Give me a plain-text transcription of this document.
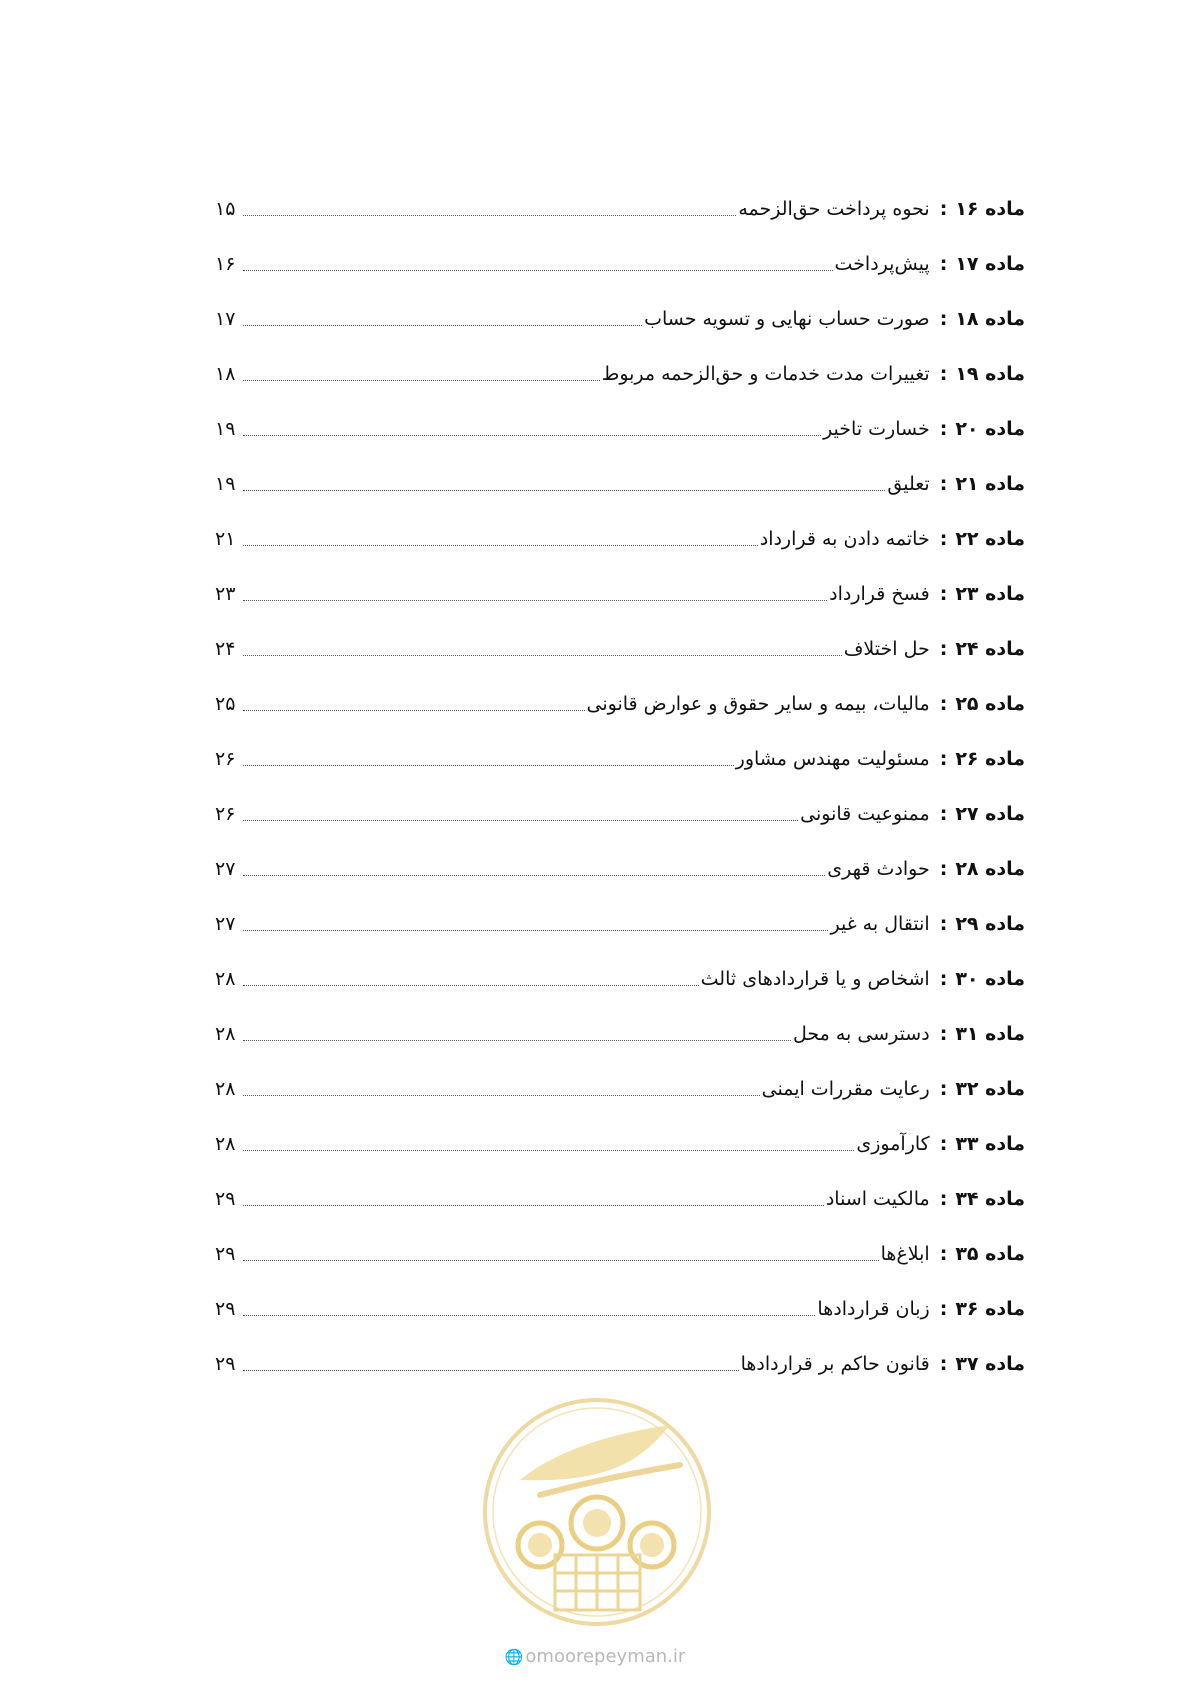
ماده ۱۶
:
نحوه پرداخت حق‌الزحمه
۱۵
ماده ۱۷
:
پیش‌پرداخت
۱۶
ماده ۱۸
:
صورت حساب نهایی و تسویه حساب
۱۷
ماده ۱۹
:
تغییرات مدت خدمات و حق‌الزحمه مربوط
۱۸
ماده ۲۰
:
خسارت تاخیر
۱۹
ماده ۲۱
:
تعلیق
۱۹
ماده ۲۲
:
خاتمه دادن به قرارداد
۲۱
ماده ۲۳
:
فسخ قرارداد
۲۳
ماده ۲۴
:
حل اختلاف
۲۴
ماده ۲۵
:
مالیات، بیمه و سایر حقوق و عوارض قانونی
۲۵
ماده ۲۶
:
مسئولیت مهندس مشاور
۲۶
ماده ۲۷
:
ممنوعیت قانونی
۲۶
ماده ۲۸
:
حوادث قهری
۲۷
ماده ۲۹
:
انتقال به غیر
۲۷
ماده ۳۰
:
اشخاص و یا قراردادهای ثالث
۲۸
ماده ۳۱
:
دسترسی به محل
۲۸
ماده ۳۲
:
رعایت مقررات ایمنی
۲۸
ماده ۳۳
:
کارآموزی
۲۸
ماده ۳۴
:
مالکیت اسناد
۲۹
ماده ۳۵
:
ابلاغ‌ها
۲۹
ماده ۳۶
:
زبان قراردادها
۲۹
ماده ۳۷
:
قانون حاکم بر قراردادها
۲۹
🌐 omoorepeyman.ir
